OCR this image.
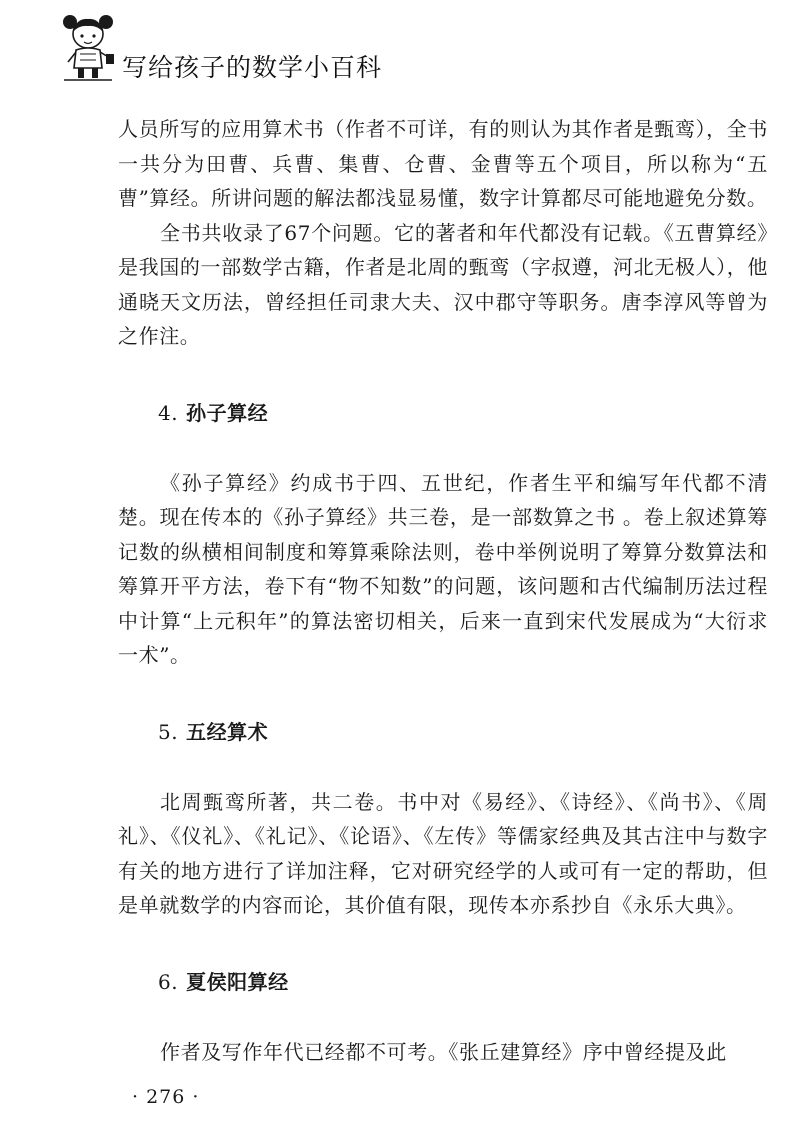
写给孩子的数学小百科

人员所写的应用算术书（作者不可详，有的则认为其作者是甄鸾），全书一共分为田曹、兵曹、集曹、仓曹、金曹等五个项目，所以称为“五曹”算经。所讲问题的解法都浅显易懂，数字计算都尽可能地避免分数。

全书共收录了67个问题。它的著者和年代都没有记载。《五曹算经》是我国的一部数学古籍，作者是北周的甄鸾（字叔遵，河北无极人），他通晓天文历法，曾经担任司隶大夫、汉中郡守等职务。唐李淳风等曾为之作注。

4. 孙子算经

《孙子算经》约成书于四、五世纪，作者生平和编写年代都不清楚。现在传本的《孙子算经》共三卷，是一部数算之书 。卷上叙述算筹记数的纵横相间制度和筹算乘除法则，卷中举例说明了筹算分数算法和筹算开平方法，卷下有“物不知数”的问题，该问题和古代编制历法过程中计算“上元积年”的算法密切相关，后来一直到宋代发展成为“大衍求一术”。

5. 五经算术

北周甄鸾所著，共二卷。书中对《易经》、《诗经》、《尚书》、《周礼》、《仪礼》、《礼记》、《论语》、《左传》等儒家经典及其古注中与数字有关的地方进行了详加注释，它对研究经学的人或可有一定的帮助，但是单就数学的内容而论，其价值有限，现传本亦系抄自《永乐大典》。

6. 夏侯阳算经

作者及写作年代已经都不可考。《张丘建算经》序中曾经提及此

· 276 ·
